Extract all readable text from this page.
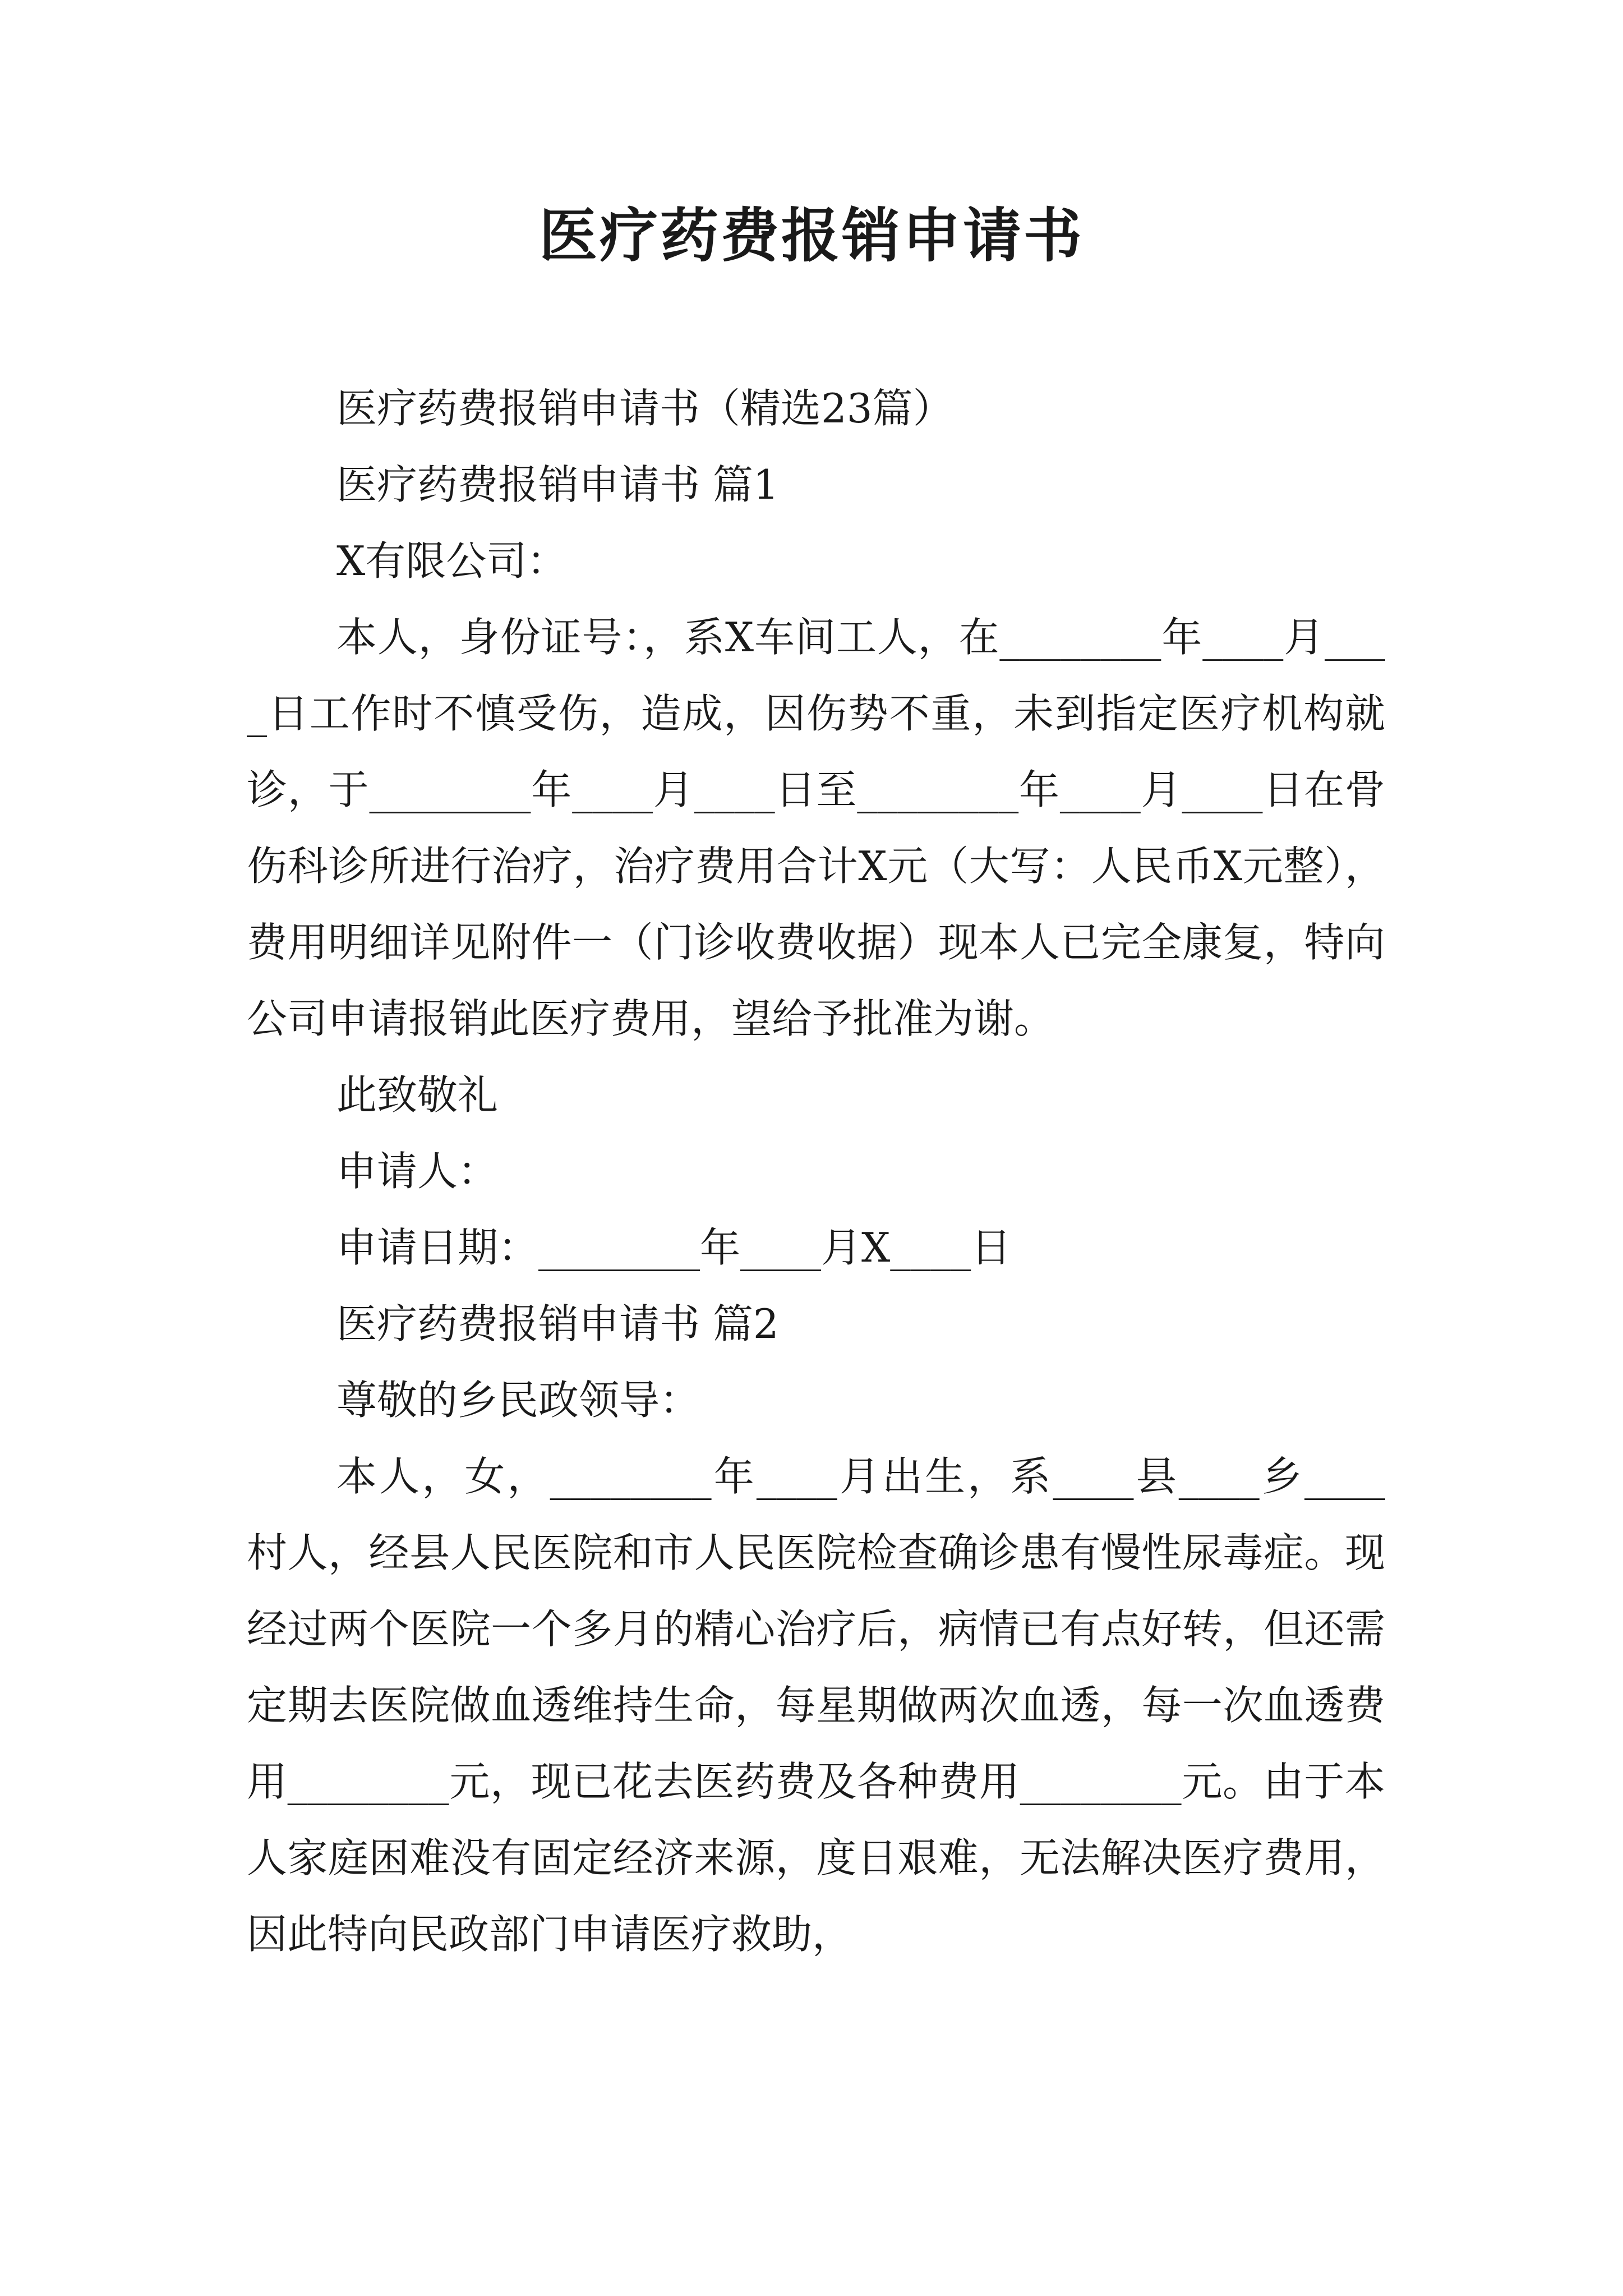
医疗药费报销申请书

医疗药费报销申请书（精选23篇）

医疗药费报销申请书 篇1

X有限公司：

本人，身份证号：，系X车间工人，在________年____月____日工作时不慎受伤，造成，因伤势不重，未到指定医疗机构就诊，于________年____月____日至________年____月____日在骨伤科诊所进行治疗，治疗费用合计X元（大写：人民币X元整），费用明细详见附件一（门诊收费收据）现本人已完全康复，特向公司申请报销此医疗费用，望给予批准为谢。

此致敬礼

申请人：

申请日期：________年____月X____日

医疗药费报销申请书 篇2

尊敬的乡民政领导：

本人，女，________年____月出生，系____县____乡____村人，经县人民医院和市人民医院检查确诊患有慢性尿毒症。现经过两个医院一个多月的精心治疗后，病情已有点好转，但还需定期去医院做血透维持生命，每星期做两次血透，每一次血透费用________元，现已花去医药费及各种费用________元。由于本人家庭困难没有固定经济来源，度日艰难，无法解决医疗费用，因此特向民政部门申请医疗救助，
